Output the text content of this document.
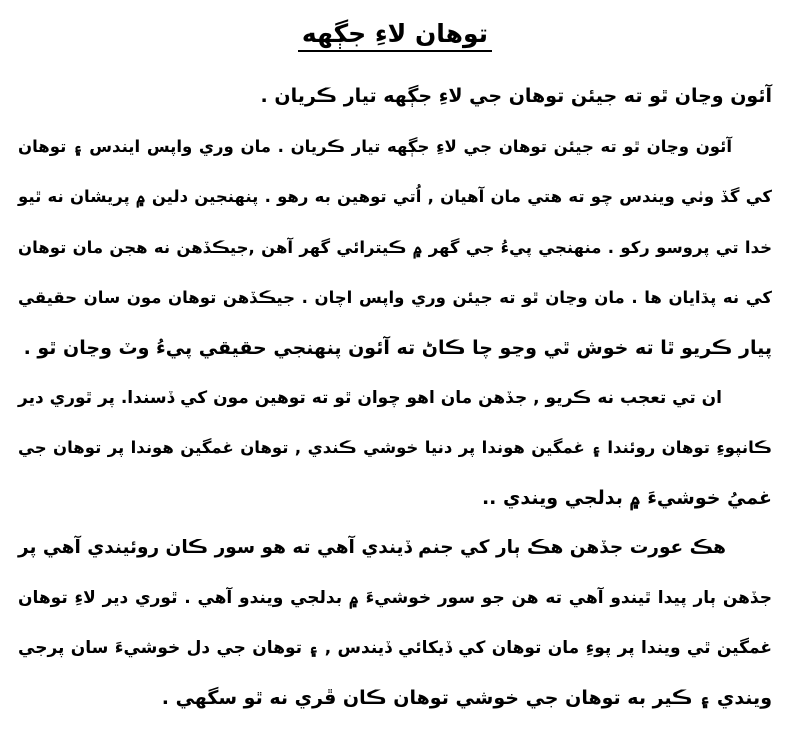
توهان لاءِ جڳهه
آئون وڃان ٿو ته جيئن توهان جي لاءِ جڳهه تيار ڪريان .
آئون وڃان ٿو ته جيئن توهان جي لاءِ جڳهه تيار ڪريان . مان وري واپس ايندس ۽ توهان
کي گڏ وٺي ويندس چو ته هتي مان آهيان , اُتي توهين به رهو . پنهنجين دلين ۾ پريشان نه ٿيو
خدا تي پروسو رکو . منهنجي پيءُ جي گهر ۾ ڪيترائي گهر آهن ,جيڪڏهن نه هجن مان توهان
کي نه پڌايان ها . مان وڃان ٿو ته جيئن وري واپس اچان . جيڪڏهن توهان مون سان حقيقي
پيار ڪريو ٿا ته خوش ٿي وڃو چا ڪاڻ ته آئون پنهنجي حقيقي پيءُ وٽ وڃان ٿو .
ان تي تعجب نه ڪريو , جڏهن مان اهو چوان ٿو ته توهين مون کي ڏسندا. پر ٿوري دير
ڪانپوءِ توهان روئندا ۽ غمگين هوندا پر دنيا خوشي ڪندي , توهان غمگين هوندا پر توهان جي
غميُ خوشيءَ ۾ بدلجي ويندي ..
هڪ عورت جڏهن هڪ ٻار کي جنم ڏيندي آهي ته هو سور ڪان روئيندي آهي پر
جڏهن ٻار پيدا ٿيندو آهي ته هن جو سور خوشيءَ ۾ بدلجي ويندو آهي . ٿوري دير لاءِ توهان
غمگين ٿي ويندا پر پوءِ مان توهان کي ڏيکائي ڏيندس , ۽ توهان جي دل خوشيءَ سان پرجي
ويندي ۽ ڪير به توهان جي خوشي توهان ڪان ڦري نه ٿو سگهي .
